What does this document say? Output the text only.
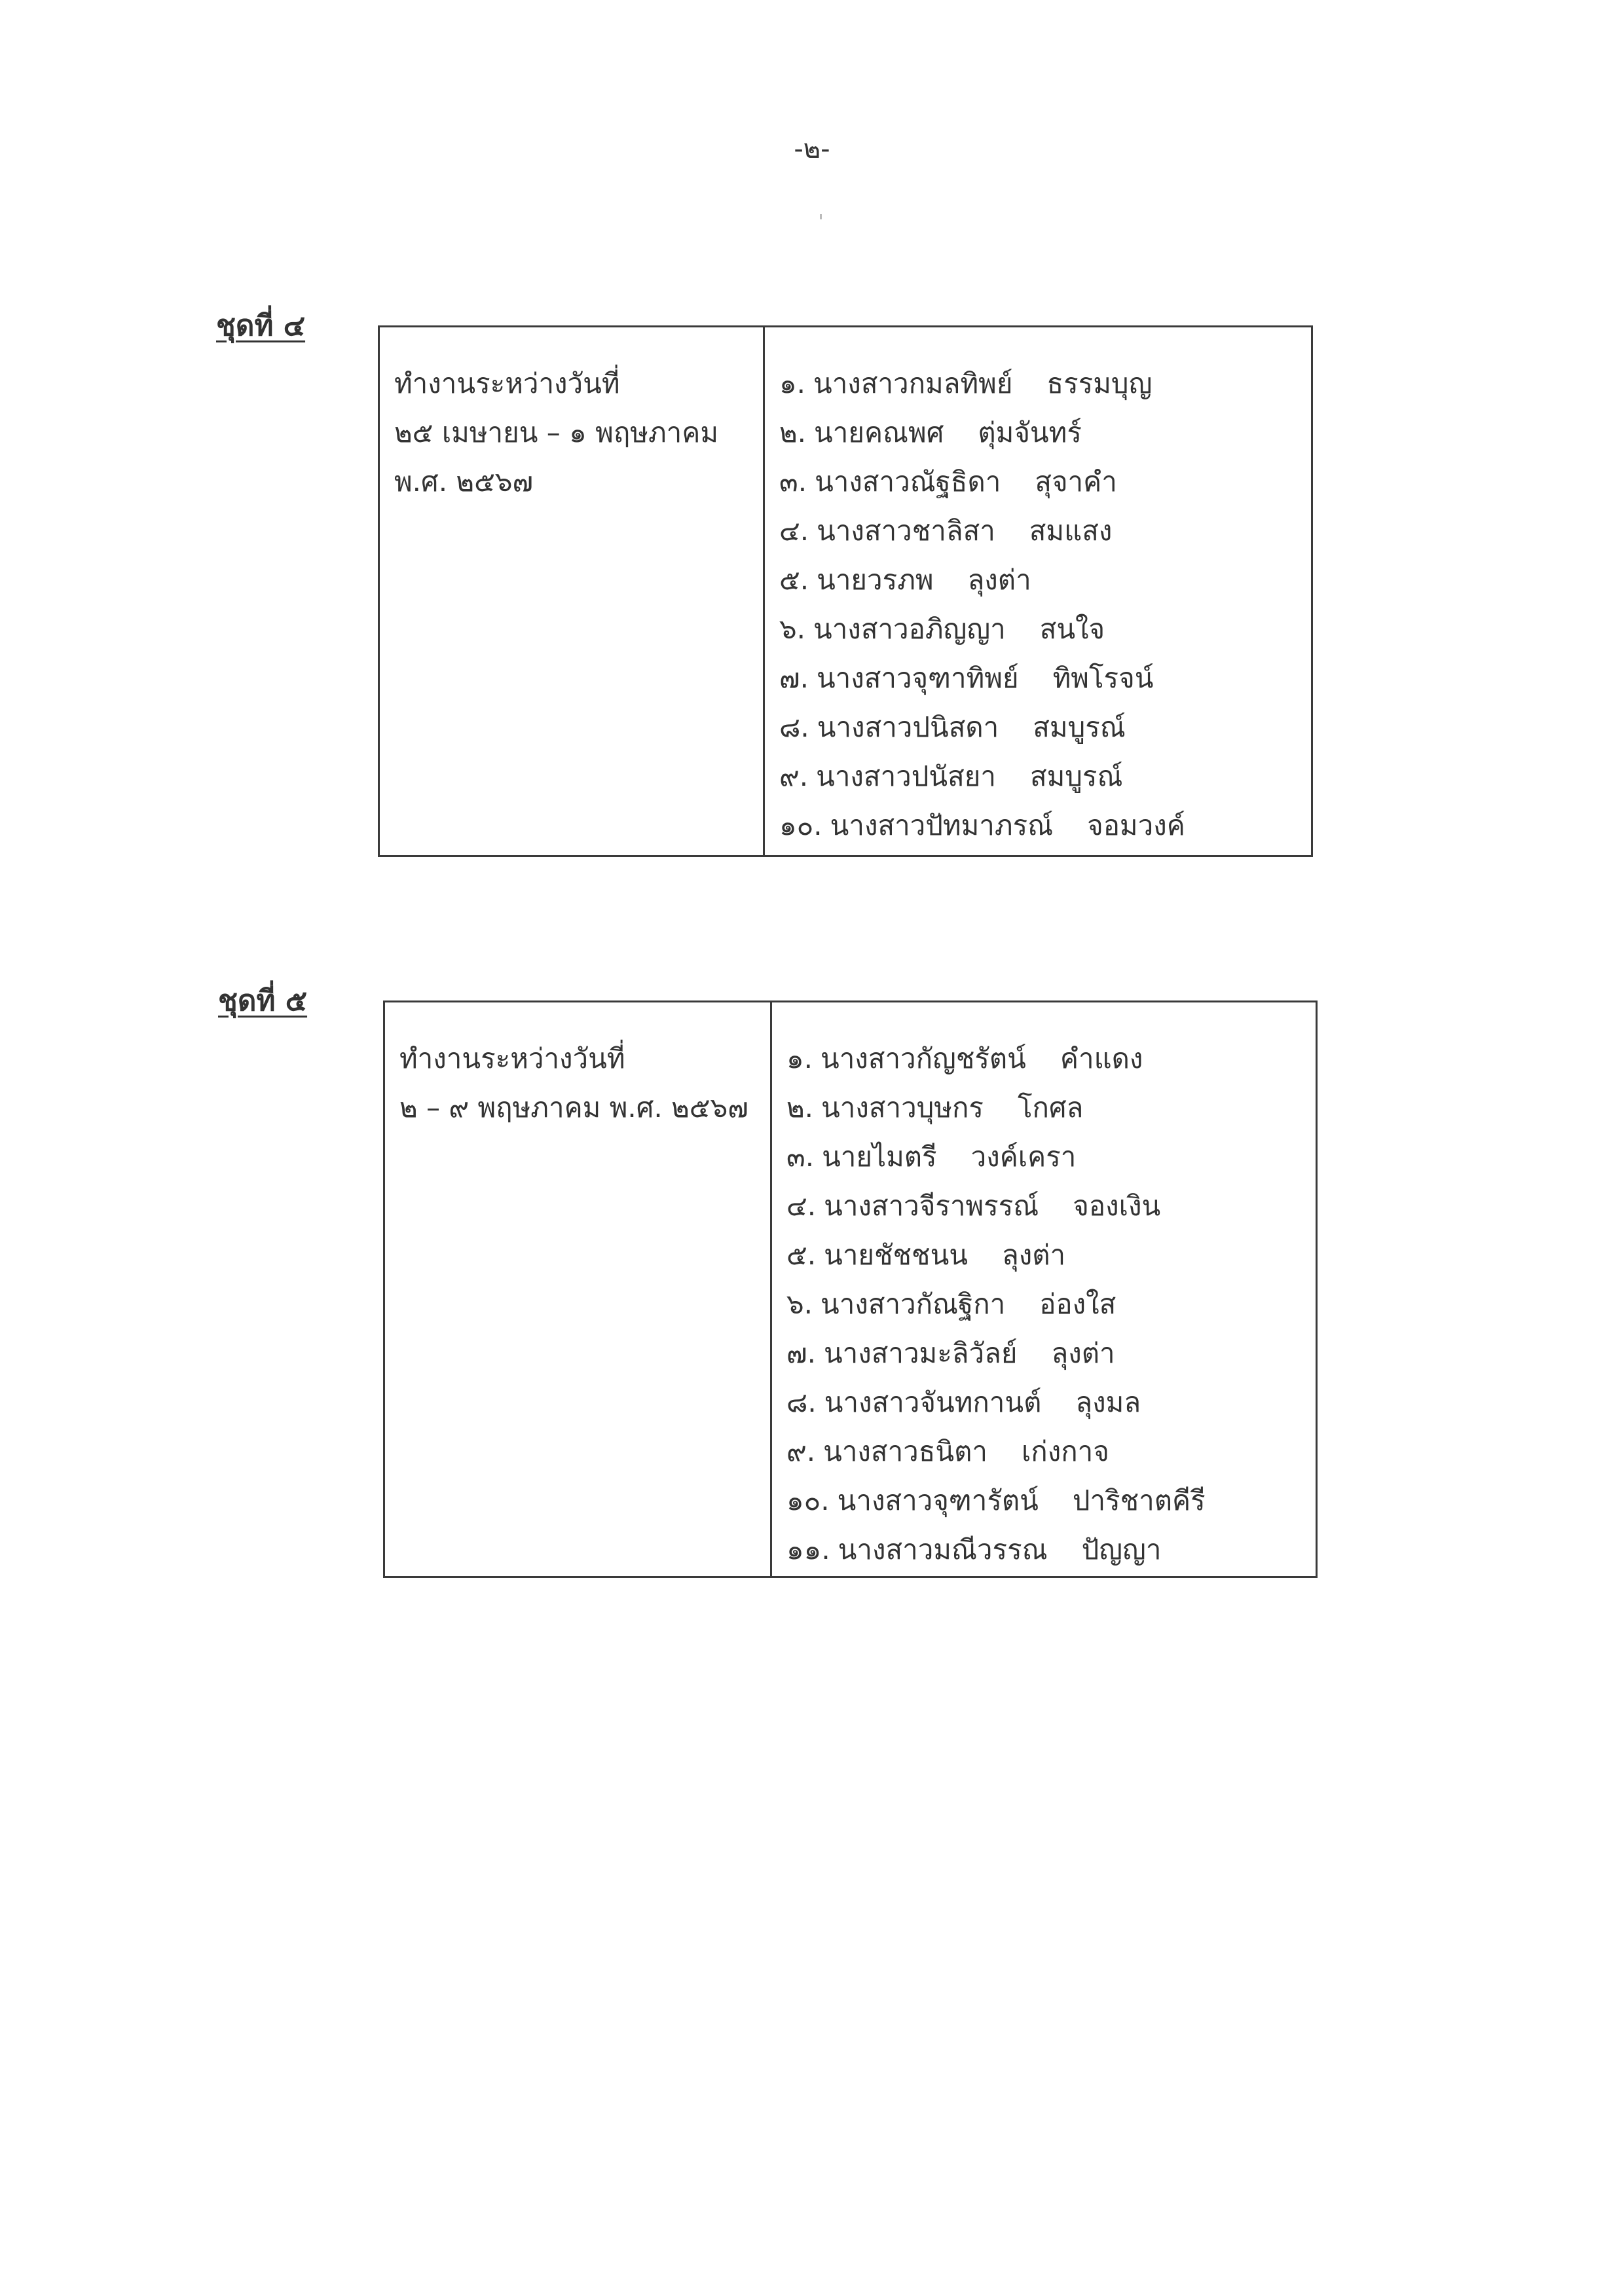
-๒-
ชุดที่ ๔
ทำงานระหว่างวันที่
๒๕ เมษายน – ๑ พฤษภาคม
พ.ศ. ๒๕๖๗
๑. นางสาวกมลทิพย์ ธรรมบุญ
๒. นายคณพศ ตุ่มจันทร์
๓. นางสาวณัฐธิดา สุจาคำ
๔. นางสาวชาลิสา สมแสง
๕. นายวรภพ ลุงต่า
๖. นางสาวอภิญญา สนใจ
๗. นางสาวจุฑาทิพย์ ทิพโรจน์
๘. นางสาวปนิสดา สมบูรณ์
๙. นางสาวปนัสยา สมบูรณ์
๑๐. นางสาวปัทมาภรณ์ จอมวงค์
ชุดที่ ๕
ทำงานระหว่างวันที่
๒ – ๙ พฤษภาคม พ.ศ. ๒๕๖๗
๑. นางสาวกัญชรัตน์ คำแดง
๒. นางสาวบุษกร โกศล
๓. นายไมตรี วงค์เครา
๔. นางสาวจีราพรรณ์ จองเงิน
๕. นายชัชชนน ลุงต่า
๖. นางสาวกัณฐิกา อ่องใส
๗. นางสาวมะลิวัลย์ ลุงต่า
๘. นางสาวจันทกานต์ ลุงมล
๙. นางสาวธนิตา เก่งกาจ
๑๐. นางสาวจุฑารัตน์ ปาริชาตคีรี
๑๑. นางสาวมณีวรรณ ปัญญา
